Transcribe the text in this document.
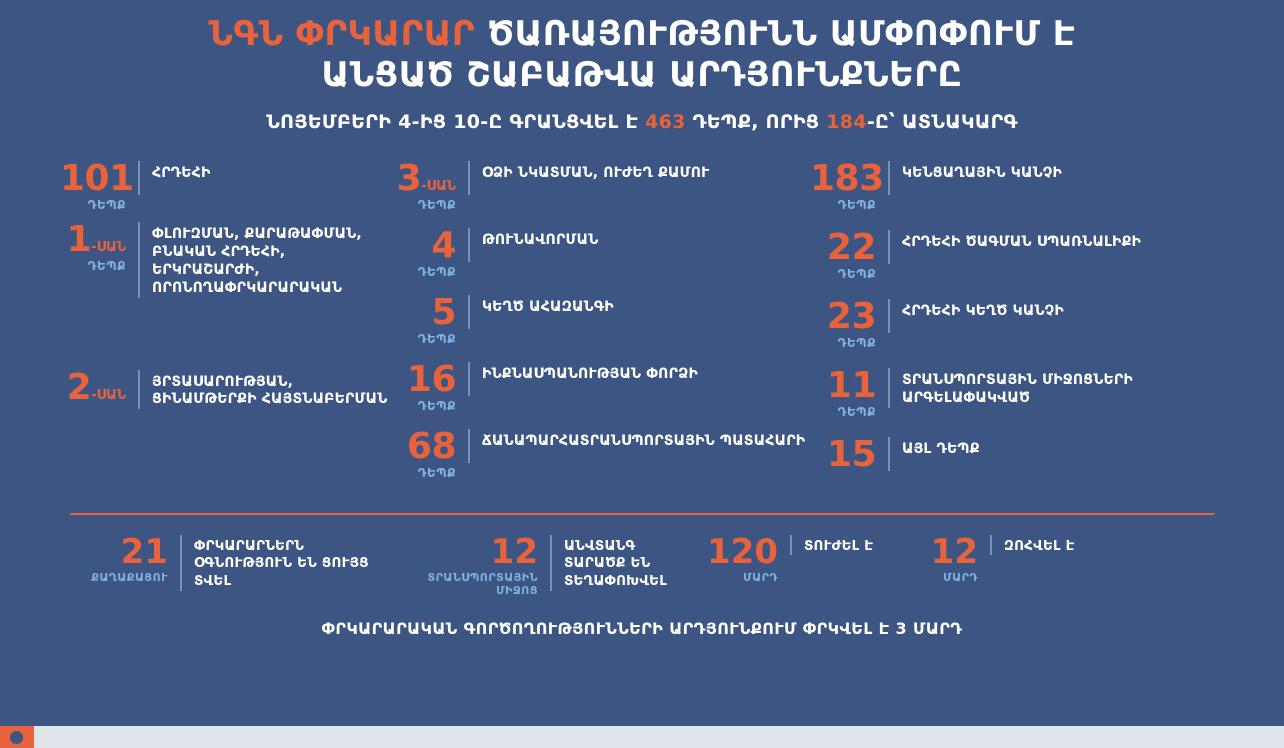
ՆԳՆ ՓՐԿԱՐԱՐ ԾԱՌԱՅՈՒԹՅՈՒՆՆ ԱՄՓՈՓՈՒՄ Է
ԱՆՑԱԾ ՇԱԲԱԹՎԱ ԱՐԴՅՈՒՆՔՆԵՐԸ
ՆՈՅԵՄԲԵՐԻ 4-ԻՑ 10-Ը ԳՐԱՆՑՎԵԼ Է 463 ԴԵՊՔ, ՈՐԻՑ 184-Ը՝ ԱՏՆԱԿԱՐԳ
101
ԴԵՊՔ
ՀՐԴԵՀԻ
1-ՍԱՆ
ԴԵՊՔ
ՓԼՈՒԶՄԱՆ, ՔԱՐԱԹԱՓՄԱՆ, ԲՆԱԿԱՆ ՀՐԴԵՀԻ, ԵՐԿՐԱՇԱՐԺԻ, ՈՐՈՆՈՂԱՓՐԿԱՐԱՐԱԿԱՆ
2-ՍԱՆ
ՅՐՏԱՍԱՐՈՒԹՅԱՆ, ՑԻՆԱՄԹԵՐՔԻ ՀԱՅՏՆԱԲԵՐՄԱՆ
3-ՍԱՆ
ԴԵՊՔ
ՕՁԻ ՆԿԱՏՄԱՆ, ՈՒԺԵՂ ՔԱՄՈՒ
4
ԴԵՊՔ
ԹՈՒՆԱՎՈՐՄԱՆ
5
ԴԵՊՔ
ԿԵՂԾ ԱՀԱԶԱՆԳԻ
16
ԴԵՊՔ
ԻՆՔՆԱՍՊԱՆՈՒԹՅԱՆ ՓՈՐՁԻ
68
ԴԵՊՔ
ՃԱՆԱՊԱՐՀԱՏՐԱՆՍՊՈՐՏԱՅԻՆ ՊԱՏԱՀԱՐԻ
183
ԴԵՊՔ
ԿԵՆՑԱՂԱՅԻՆ ԿԱՆՉԻ
22
ԴԵՊՔ
ՀՐԴԵՀԻ ԾԱԳՄԱՆ ՍՊԱՌՆԱԼԻՔԻ
23
ԴԵՊՔ
ՀՐԴԵՀԻ ԿԵՂԾ ԿԱՆՉԻ
11
ԴԵՊՔ
ՏՐԱՆՍՊՈՐՏԱՅԻՆ ՄԻՋՈՑՆԵՐԻ ԱՐԳԵԼԱՓԱԿՎԱԾ
15	ԱՅԼ ԴԵՊՔ
21
ՔԱՂԱՔԱՑՈՒ
ՓՐԿԱՐԱՐՆԵՐՆ ՕԳՆՈՒԹՅՈՒՆ ԵՆ ՑՈՒՅՑ ՏՎԵԼ
12
ՏՐԱՆՍՊՈՐՏԱՅԻՆ ՄԻՋՈՑ
ԱՆՎՏԱՆԳ ՏԱՐԱԾՔ ԵՆ ՏԵՂԱՓՈԽՎԵԼ
120
ՄԱՐԴ
ՏՈՒԺԵԼ Է	12
ՄԱՐԴ
ԶՈՀՎԵԼ Է
ՓՐԿԱՐԱՐԱԿԱՆ ԳՈՐԾՈՂՈՒԹՅՈՒՆՆԵՐԻ ԱՐԴՅՈՒՆՔՈՒՄ ՓՐԿՎԵԼ Է 3 ՄԱՐԴ
